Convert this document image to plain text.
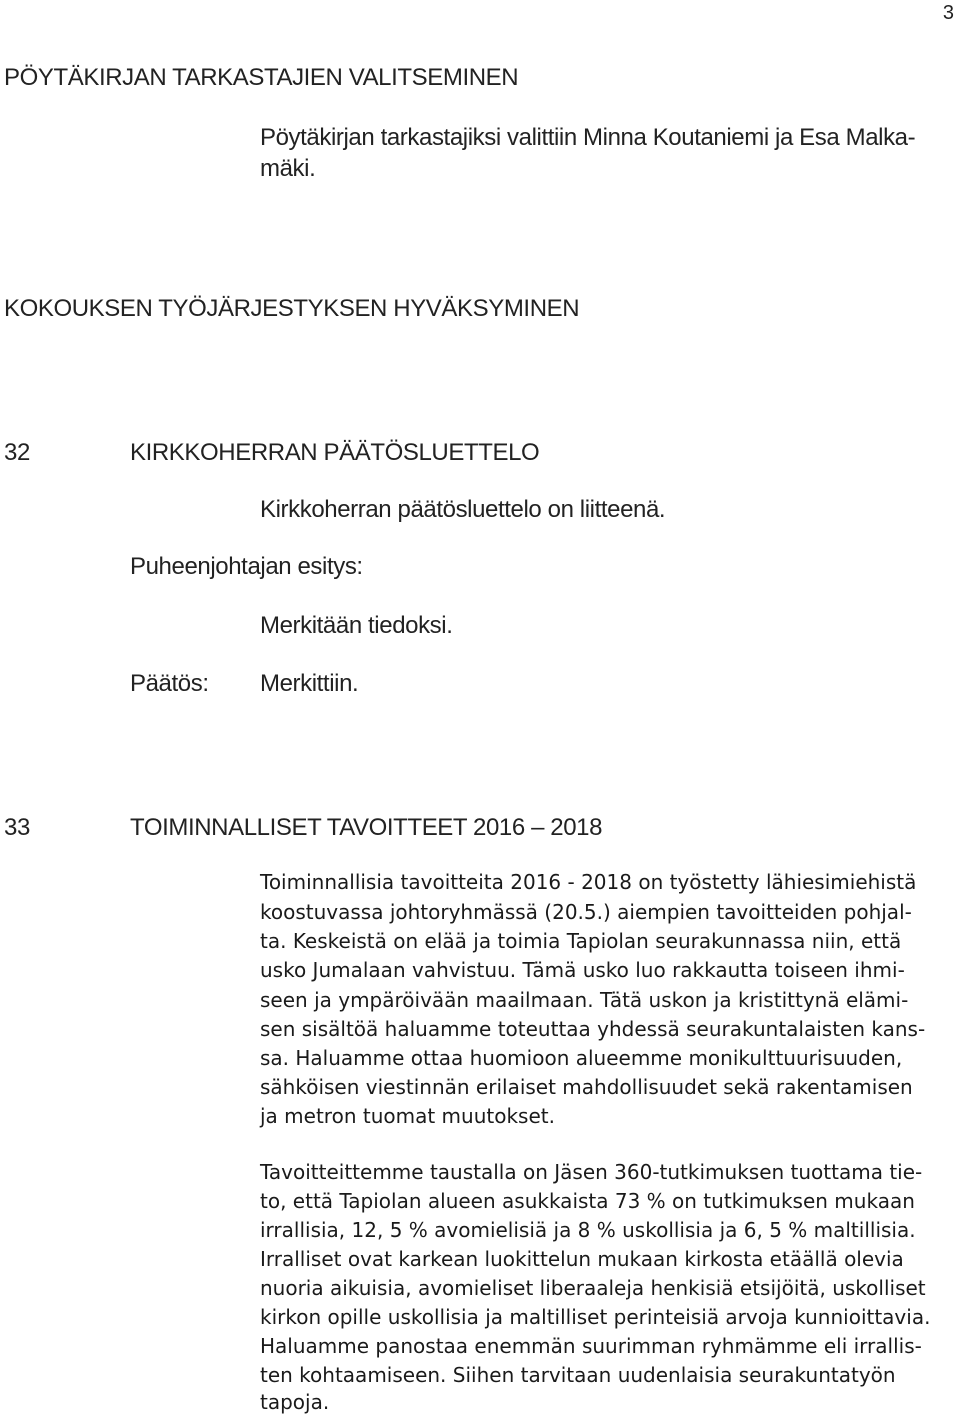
3
PÖYTÄKIRJAN TARKASTAJIEN VALITSEMINEN
Pöytäkirjan tarkastajiksi valittiin Minna Koutaniemi ja Esa Malka-
mäki.
KOKOUKSEN TYÖJÄRJESTYKSEN HYVÄKSYMINEN
32	KIRKKOHERRAN PÄÄTÖSLUETTELO
Kirkkoherran päätösluettelo on liitteenä.
Puheenjohtajan esitys:
Merkitään tiedoksi.
Päätös: Merkittiin.
33	TOIMINNALLISET TAVOITTEET 2016 – 2018
Toiminnallisia tavoitteita 2016 - 2018 on työstetty lähiesimiehistä
koostuvassa johtoryhmässä (20.5.) aiempien tavoitteiden pohjal-
ta. Keskeistä on elää ja toimia Tapiolan seurakunnassa niin, että
usko Jumalaan vahvistuu. Tämä usko luo rakkautta toiseen ihmi-
seen ja ympäröivään maailmaan. Tätä uskon ja kristittynä elämi-
sen sisältöä haluamme toteuttaa yhdessä seurakuntalaisten kans-
sa. Haluamme ottaa huomioon alueemme monikulttuurisuuden,
sähköisen viestinnän erilaiset mahdollisuudet sekä rakentamisen
ja metron tuomat muutokset.
Tavoitteittemme taustalla on Jäsen 360-tutkimuksen tuottama tie-
to, että Tapiolan alueen asukkaista 73 % on tutkimuksen mukaan
irrallisia, 12, 5 % avomielisiä ja 8 % uskollisia ja 6, 5 % maltillisia.
Irralliset ovat karkean luokittelun mukaan kirkosta etäällä olevia
nuoria aikuisia, avomieliset liberaaleja henkisiä etsijöitä, uskolliset
kirkon opille uskollisia ja maltilliset perinteisiä arvoja kunnioittavia.
Haluamme panostaa enemmän suurimman ryhmämme eli irrallis-
ten kohtaamiseen. Siihen tarvitaan uudenlaisia seurakuntatyön
tapoja.
